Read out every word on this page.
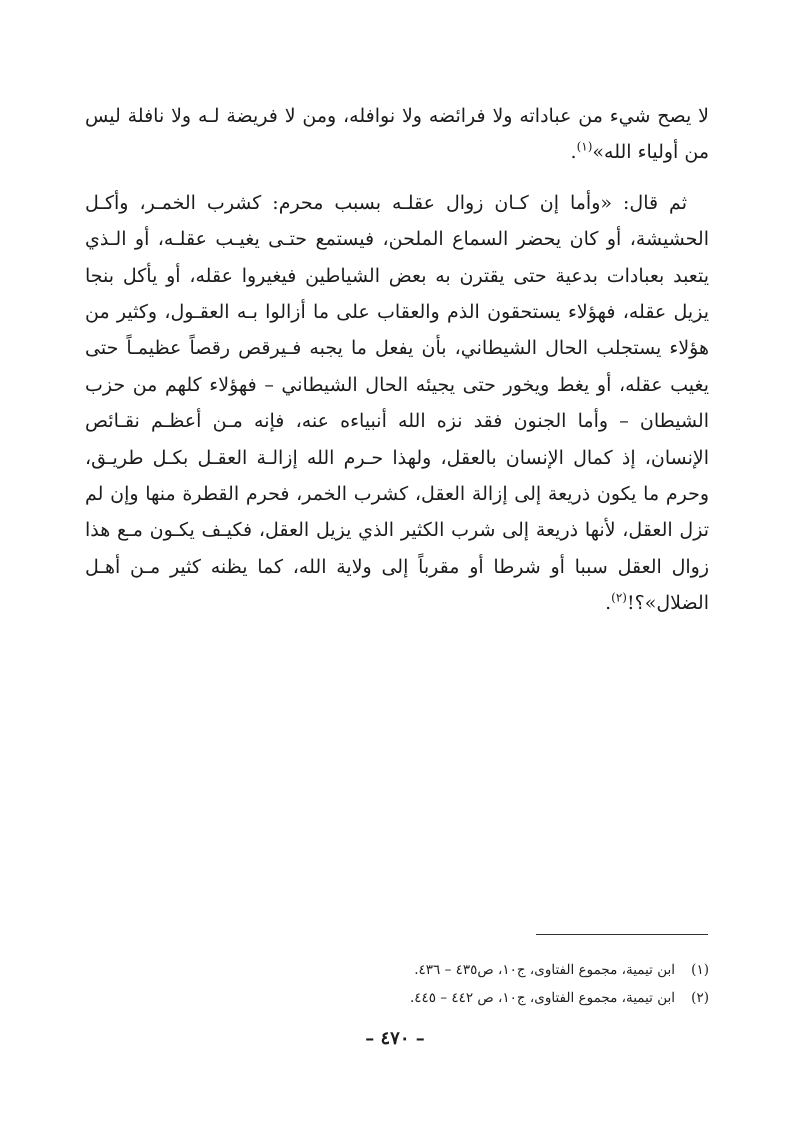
لا يصح شيء من عباداته ولا فرائضه ولا نوافله، ومن لا فريضة لـه ولا نافلة ليس من أولياء الله»$^{(١)}$.

ثم قال: «وأما إن كـان زوال عقلـه بسبب محرم: كشرب الخمـر، وأكـل الحشيشة، أو كان يحضر السماع الملحن، فيستمع حتـى يغيـب عقلـه، أو الـذي يتعبد بعبادات بدعية حتى يقترن به بعض الشياطين فيغيروا عقله، أو يأكل بنجا يزيل عقله، فهؤلاء يستحقون الذم والعقاب على ما أزالوا بـه العقـول، وكثير من هؤلاء يستجلب الحال الشيطاني، بأن يفعل ما يجبه فـيرقص رقصاً عظيمـاً حتى يغيب عقله، أو يغط ويخور حتى يجيئه الحال الشيطاني – فهؤلاء كلهم من حزب الشيطان – وأما الجنون فقد نزه الله أنبياءه عنه، فإنه مـن أعظـم نقـائص الإنسان، إذ كمال الإنسان بالعقل، ولهذا حـرم الله إزالـة العقـل بكـل طريـق، وحرم ما يكون ذريعة إلى إزالة العقل، كشرب الخمر، فحرم القطرة منها وإن لم تزل العقل، لأنها ذريعة إلى شرب الكثير الذي يزيل العقل، فكيـف يكـون مـع هذا زوال العقل سببا أو شرطا أو مقرباً إلى ولاية الله، كما يظنه كثير مـن أهـل الضلال»؟!$^{(٢)}$.

(١)ابن تيمية، مجموع الفتاوى، ج١٠، ص٤٣٥ – ٤٣٦.

(٢)ابن تيمية، مجموع الفتاوى، ج١٠، ص ٤٤٢ – ٤٤٥.

– ٤٧٠ –
